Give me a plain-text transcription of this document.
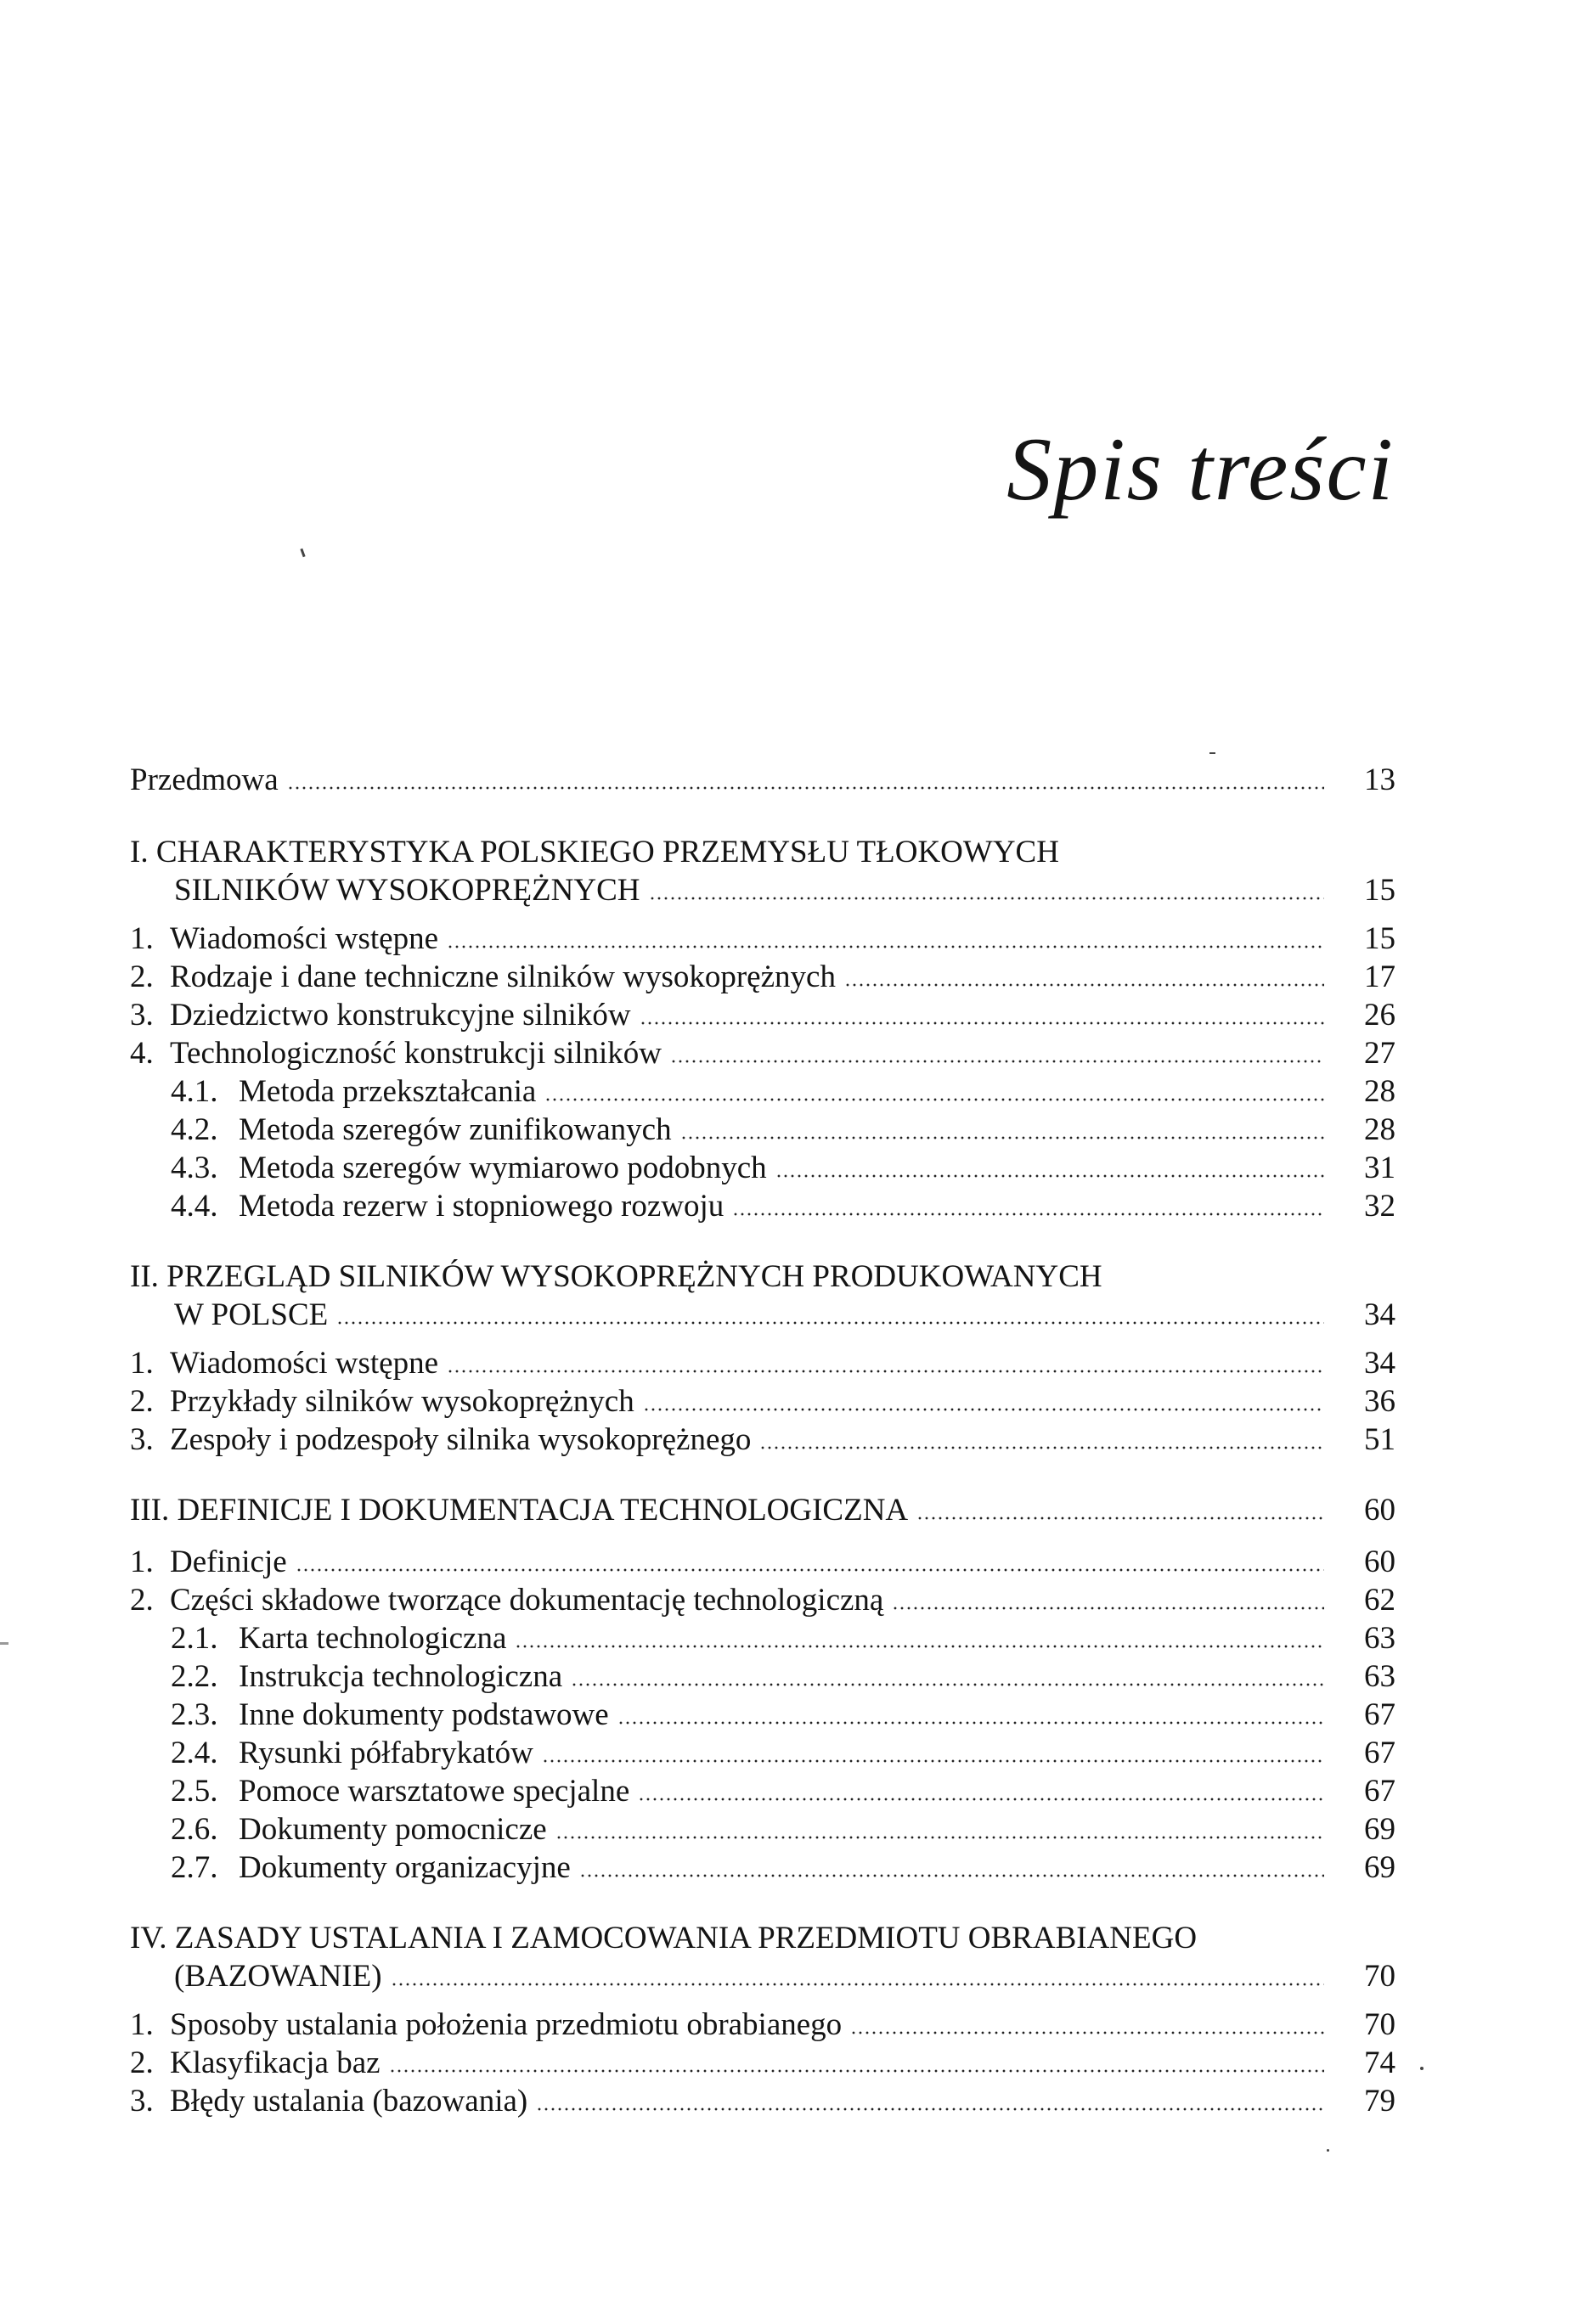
Spis treści
Przedmowa	13
I. CHARAKTERYSTYKA POLSKIEGO PRZEMYSŁU TŁOKOWYCH
SILNIKÓW WYSOKOPRĘŻNYCH	15
1. Wiadomości wstępne	15
2. Rodzaje i dane techniczne silników wysokoprężnych	17
3. Dziedzictwo konstrukcyjne silników	26
4. Technologiczność konstrukcji silników	27
4.1. Metoda przekształcania	28
4.2. Metoda szeregów zunifikowanych	28
4.3. Metoda szeregów wymiarowo podobnych	31
4.4. Metoda rezerw i stopniowego rozwoju	32
II. PRZEGLĄD SILNIKÓW WYSOKOPRĘŻNYCH PRODUKOWANYCH
W POLSCE	34
1. Wiadomości wstępne	34
2. Przykłady silników wysokoprężnych	36
3. Zespoły i podzespoły silnika wysokoprężnego	51
III. DEFINICJE I DOKUMENTACJA TECHNOLOGICZNA	60
1. Definicje	60
2. Części składowe tworzące dokumentację technologiczną	62
2.1. Karta technologiczna	63
2.2. Instrukcja technologiczna	63
2.3. Inne dokumenty podstawowe	67
2.4. Rysunki półfabrykatów	67
2.5. Pomoce warsztatowe specjalne	67
2.6. Dokumenty pomocnicze	69
2.7. Dokumenty organizacyjne	69
IV. ZASADY USTALANIA I ZAMOCOWANIA PRZEDMIOTU OBRABIANEGO
(BAZOWANIE)	70
1. Sposoby ustalania położenia przedmiotu obrabianego	70
2. Klasyfikacja baz	74
3. Błędy ustalania (bazowania)	79
